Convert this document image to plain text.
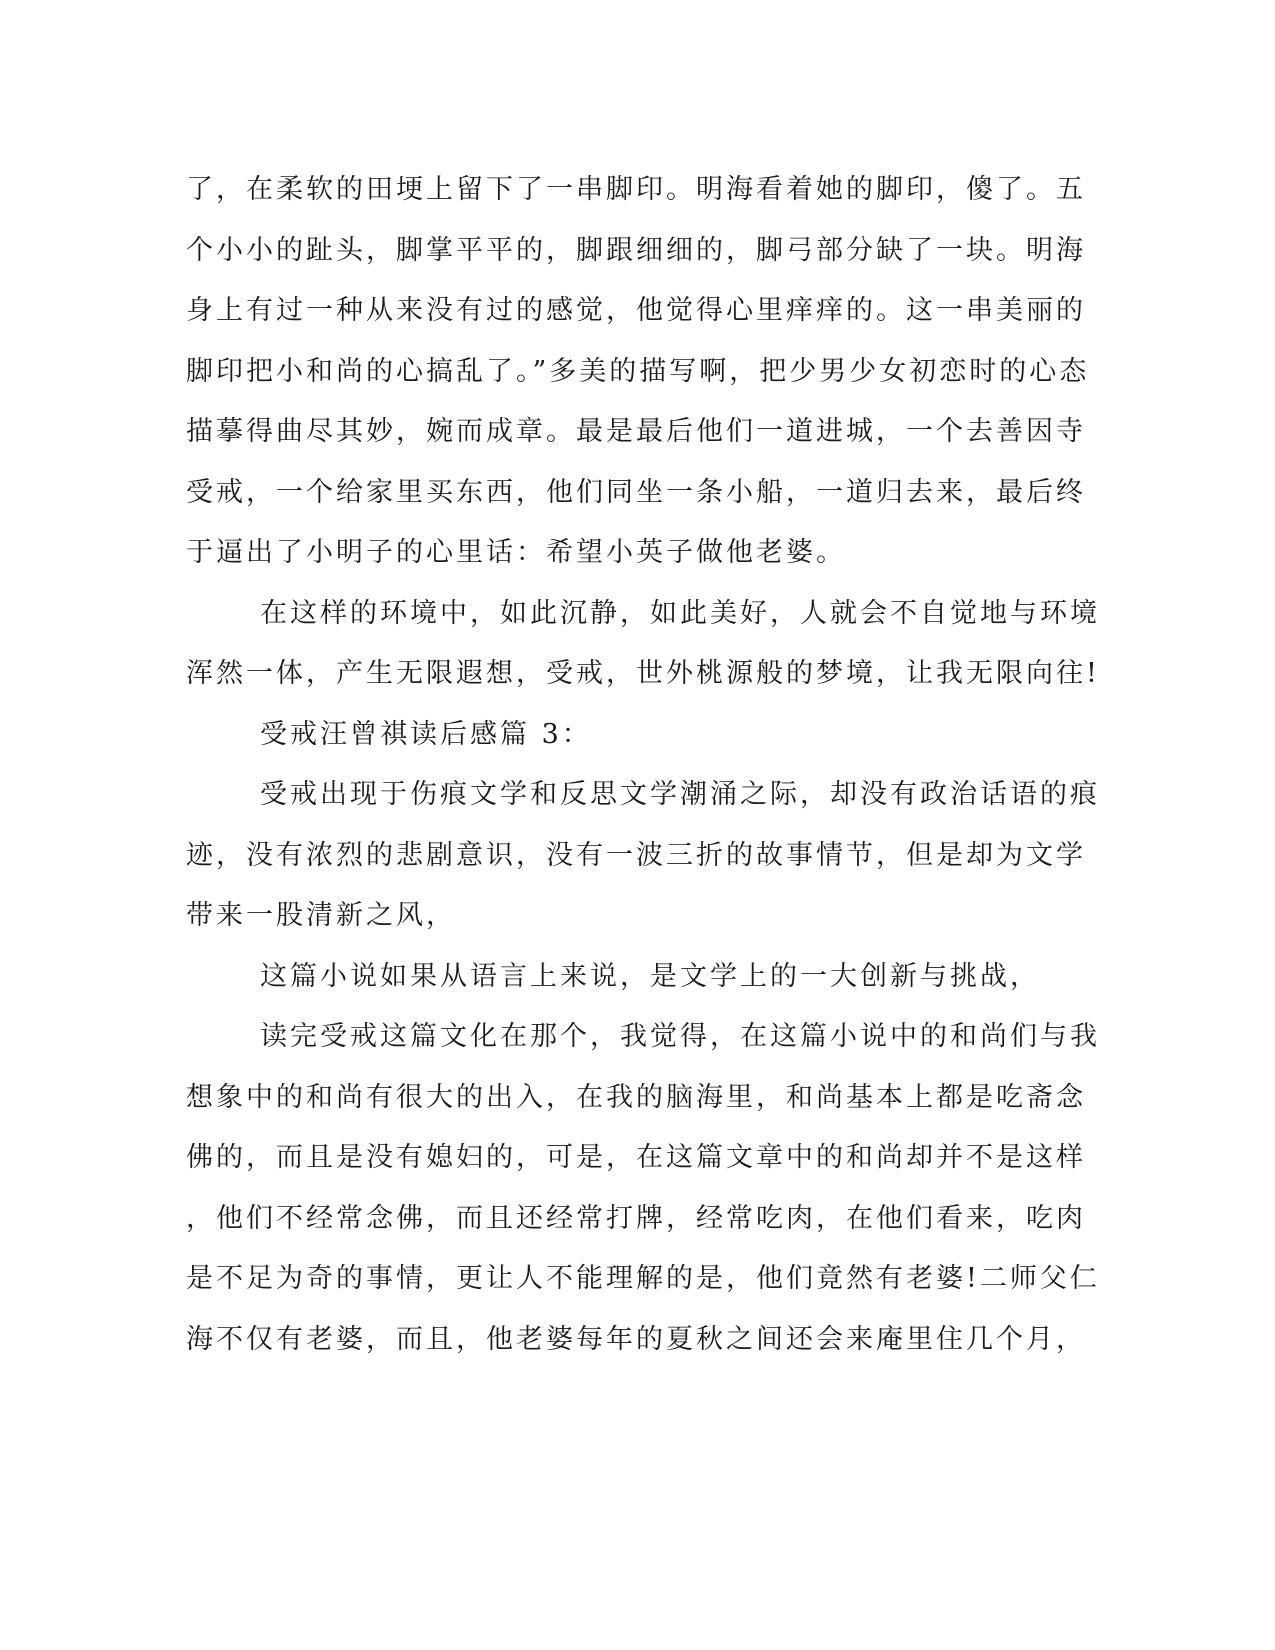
了，在柔软的田埂上留下了一串脚印。明海看着她的脚印，傻了。五

个小小的趾头，脚掌平平的，脚跟细细的，脚弓部分缺了一块。明海

身上有过一种从来没有过的感觉，他觉得心里痒痒的。这一串美丽的

脚印把小和尚的心搞乱了。”多美的描写啊，把少男少女初恋时的心态

描摹得曲尽其妙，婉而成章。最是最后他们一道进城，一个去善因寺

受戒，一个给家里买东西，他们同坐一条小船，一道归去来，最后终

于逼出了小明子的心里话：希望小英子做他老婆。

在这样的环境中，如此沉静，如此美好，人就会不自觉地与环境

浑然一体，产生无限遐想，受戒，世外桃源般的梦境，让我无限向往!

受戒汪曾祺读后感篇 3：

受戒出现于伤痕文学和反思文学潮涌之际，却没有政治话语的痕

迹，没有浓烈的悲剧意识，没有一波三折的故事情节，但是却为文学

带来一股清新之风，

这篇小说如果从语言上来说，是文学上的一大创新与挑战，

读完受戒这篇文化在那个，我觉得，在这篇小说中的和尚们与我

想象中的和尚有很大的出入，在我的脑海里，和尚基本上都是吃斋念

佛的，而且是没有媳妇的，可是，在这篇文章中的和尚却并不是这样

，他们不经常念佛，而且还经常打牌，经常吃肉，在他们看来，吃肉

是不足为奇的事情，更让人不能理解的是，他们竟然有老婆!二师父仁

海不仅有老婆，而且，他老婆每年的夏秋之间还会来庵里住几个月，
